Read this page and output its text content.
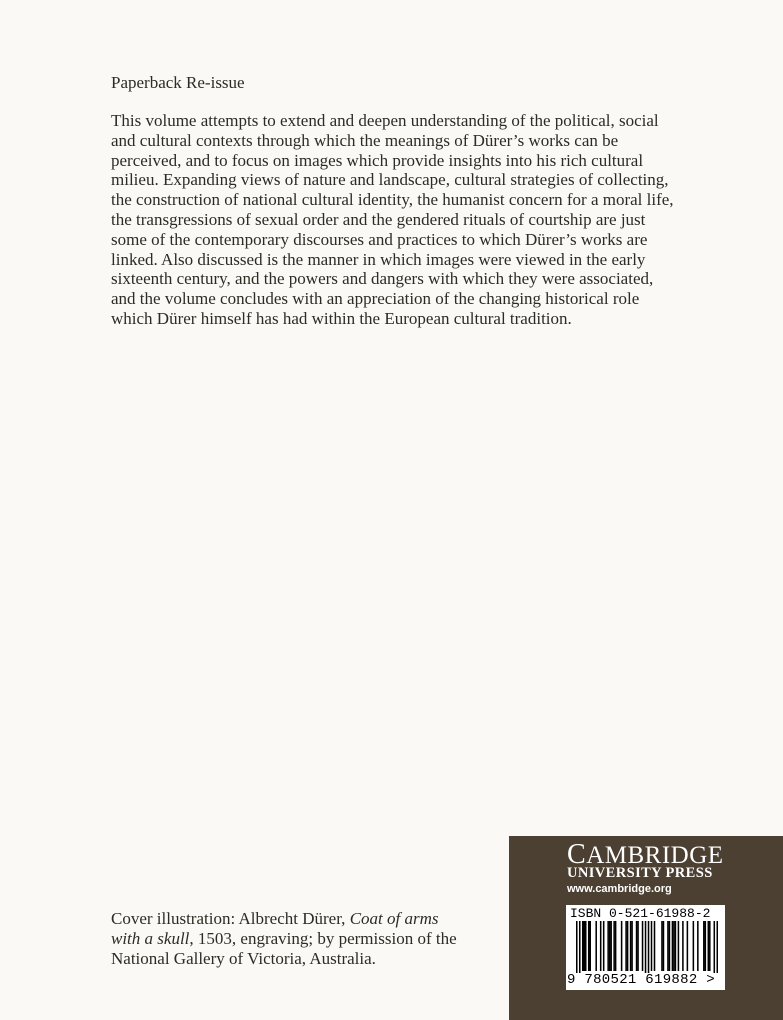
Paperback Re-issue
This volume attempts to extend and deepen understanding of the political, social and cultural contexts through which the meanings of Dürer’s works can be perceived, and to focus on images which provide insights into his rich cultural milieu. Expanding views of nature and landscape, cultural strategies of collecting, the construction of national cultural identity, the humanist concern for a moral life, the transgressions of sexual order and the gendered rituals of courtship are just some of the contemporary discourses and practices to which Dürer’s works are linked. Also discussed is the manner in which images were viewed in the early sixteenth century, and the powers and dangers with which they were associated, and the volume concludes with an appreciation of the changing historical role which Dürer himself has had within the European cultural tradition.
Cover illustration: Albrecht Dürer, Coat of arms with a skull, 1503, engraving; by permission of the National Gallery of Victoria, Australia.
CAMBRIDGE
UNIVERSITY PRESS
www.cambridge.org
ISBN 0-521-61988-2
9 780521 619882 >
